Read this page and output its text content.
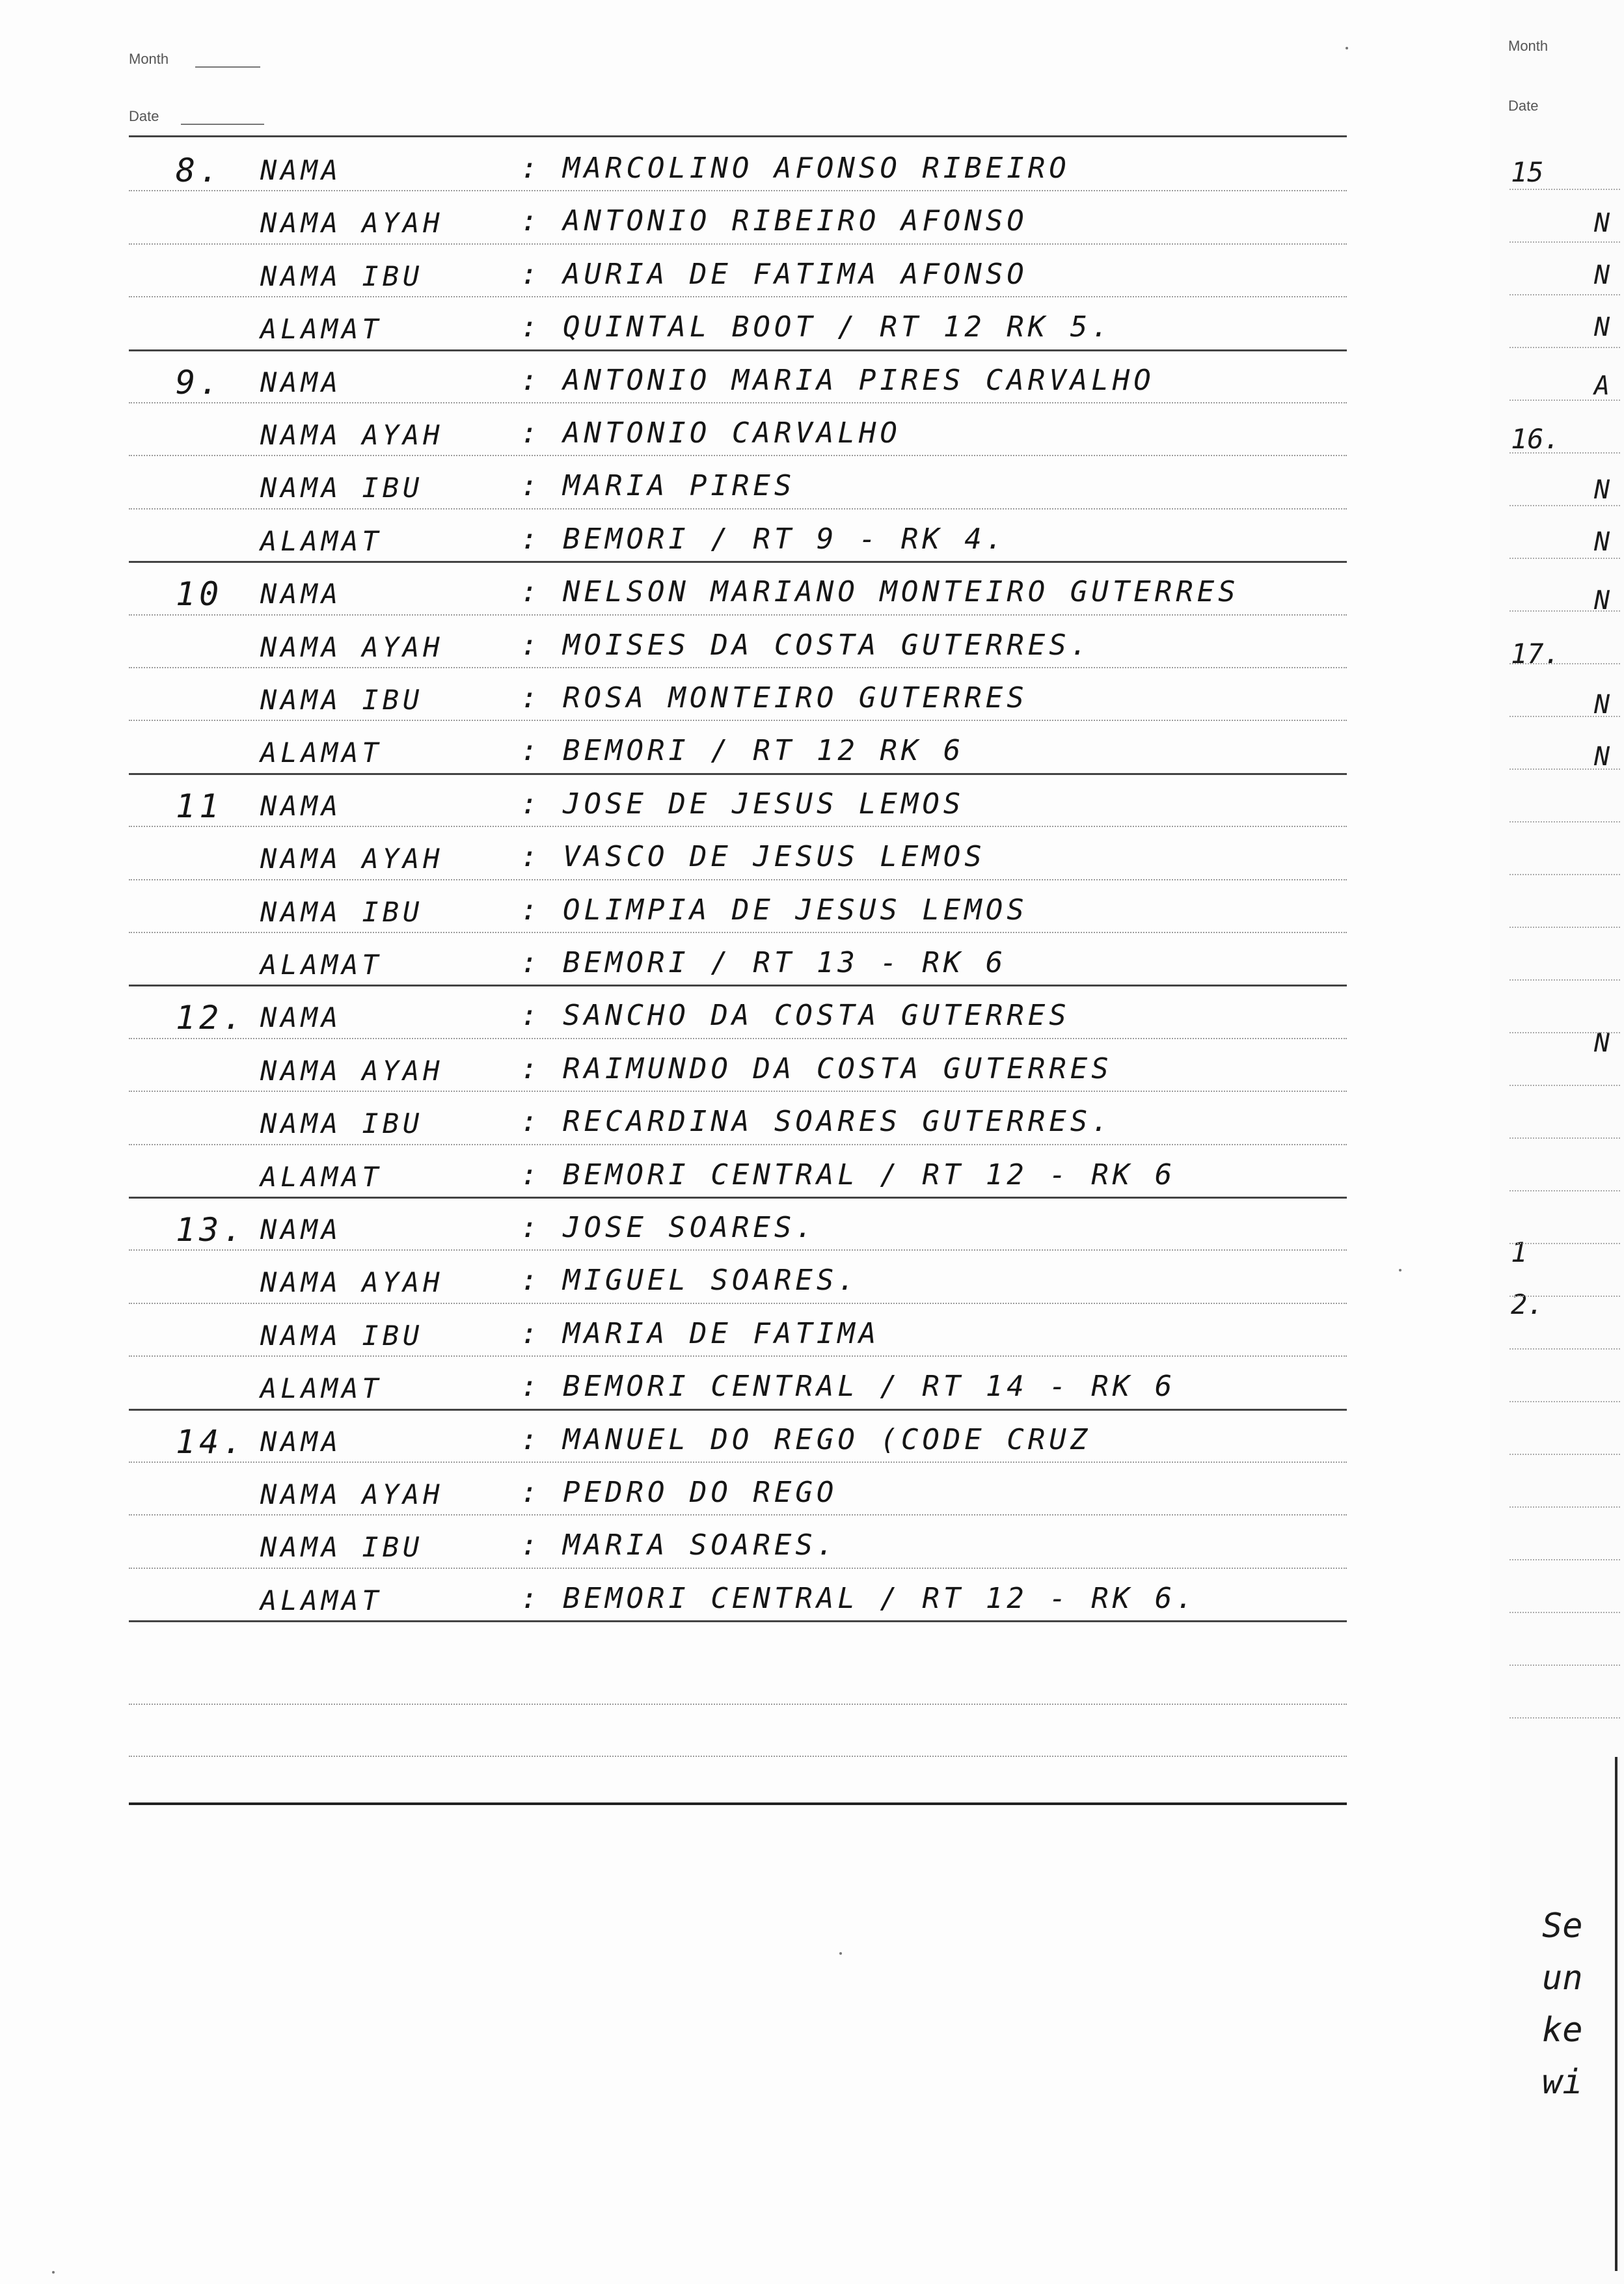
Month
Date
8. NAMA	: MARCOLINO AFONSO RIBEIRO
NAMA AYAH	: ANTONIO RIBEIRO AFONSO
NAMA IBU	: AURIA DE FATIMA AFONSO
ALAMAT	: QUINTAL BOOT / RT 12 RK 5.
9. NAMA	: ANTONIO MARIA PIRES CARVALHO
NAMA AYAH	: ANTONIO CARVALHO
NAMA IBU	: MARIA PIRES
ALAMAT	: BEMORI / RT 9 - RK 4.
10 NAMA	: NELSON MARIANO MONTEIRO GUTERRES
NAMA AYAH	: MOISES DA COSTA GUTERRES.
NAMA IBU	: ROSA MONTEIRO GUTERRES
ALAMAT	: BEMORI / RT 12 RK 6
11 NAMA	: JOSE DE JESUS LEMOS
NAMA AYAH	: VASCO DE JESUS LEMOS
NAMA IBU	: OLIMPIA DE JESUS LEMOS
ALAMAT	: BEMORI / RT 13 - RK 6
12. NAMA	: SANCHO DA COSTA GUTERRES
NAMA AYAH	: RAIMUNDO DA COSTA GUTERRES
NAMA IBU	: RECARDINA SOARES GUTERRES.
ALAMAT	: BEMORI CENTRAL / RT 12 - RK 6
13. NAMA	: JOSE SOARES.
NAMA AYAH	: MIGUEL SOARES.
NAMA IBU	: MARIA DE FATIMA
ALAMAT	: BEMORI CENTRAL / RT 14 - RK 6
14. NAMA	: MANUEL DO REGO (CODE CRUZ
NAMA AYAH	: PEDRO DO REGO
NAMA IBU	: MARIA SOARES.
ALAMAT	: BEMORI CENTRAL / RT 12 - RK 6.
Month
Date
15
N
N
N
A
16.
N
N
N
17.
N
N
N
1
2.
Se
un
ke
wi
